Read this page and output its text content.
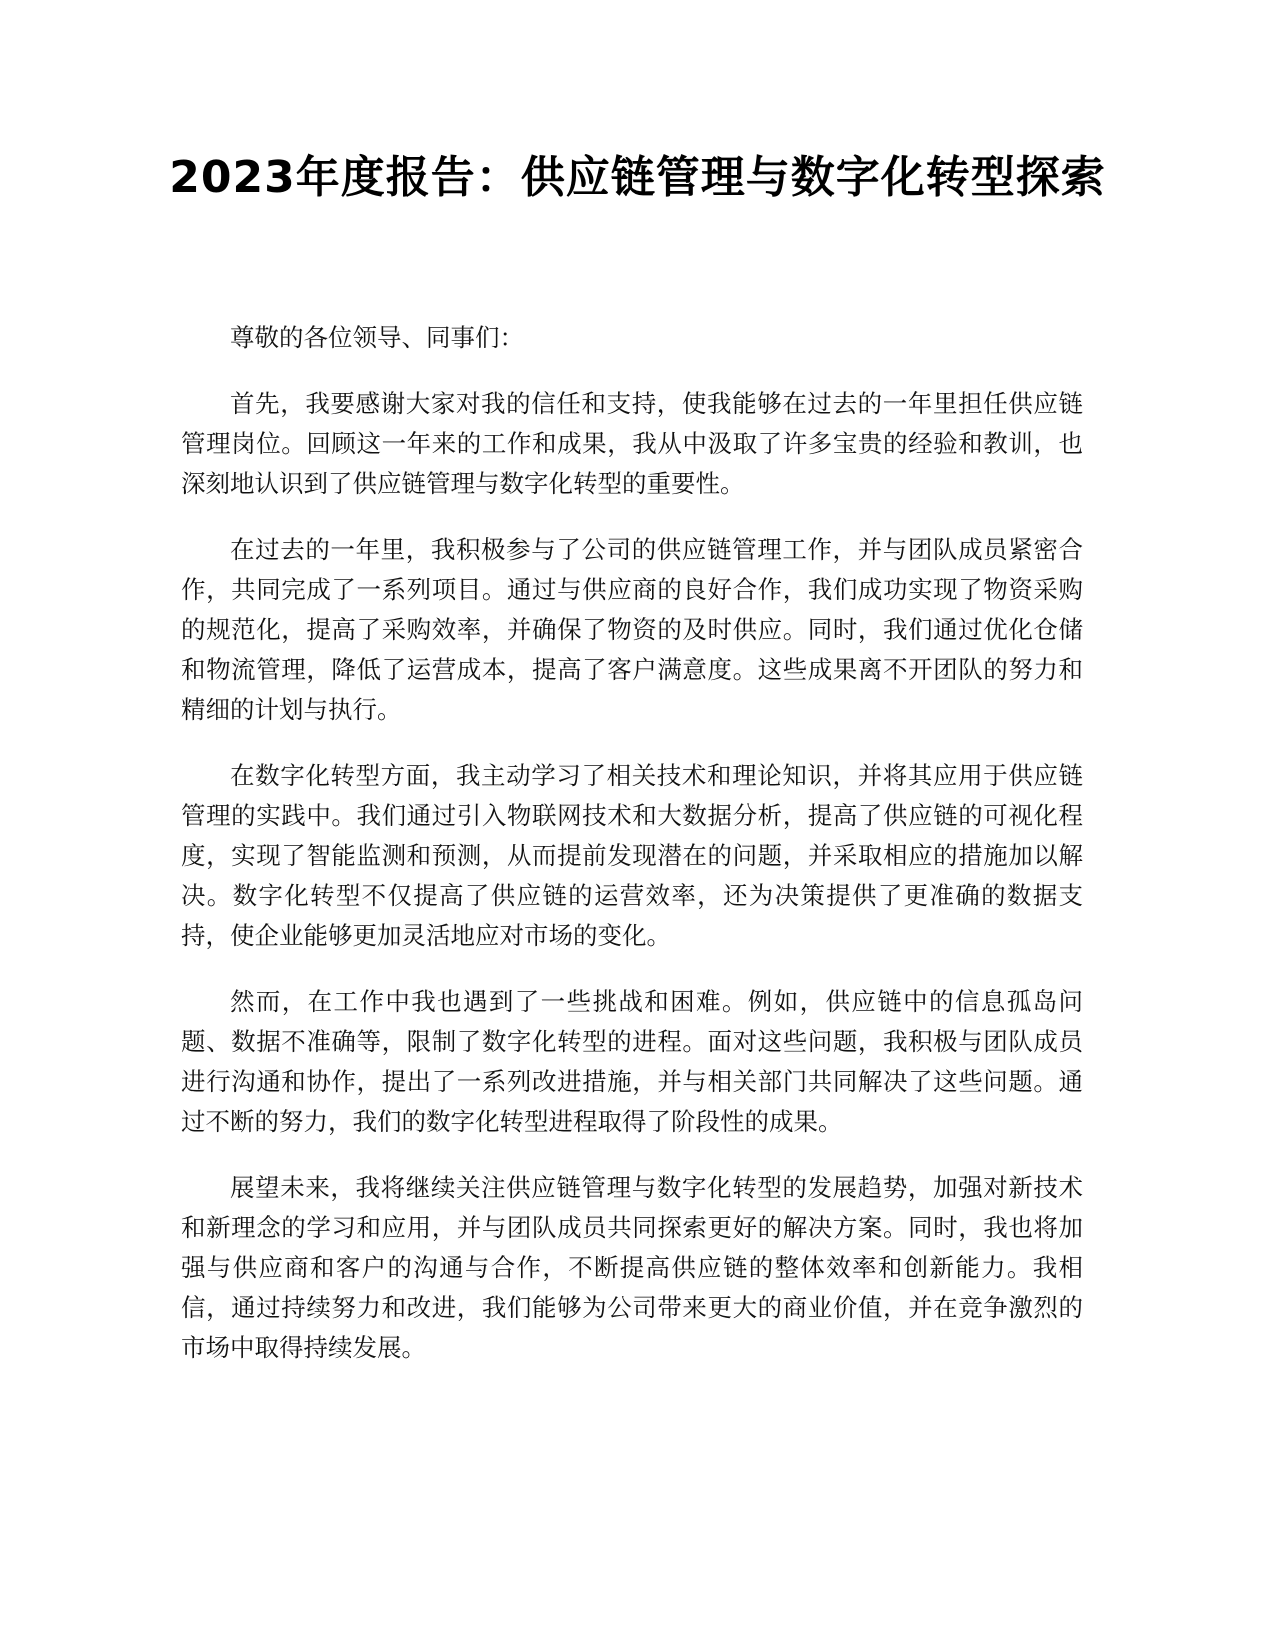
2023年度报告：供应链管理与数字化转型探索

尊敬的各位领导、同事们：

首先，我要感谢大家对我的信任和支持，使我能够在过去的一年里担任供应链管理岗位。回顾这一年来的工作和成果，我从中汲取了许多宝贵的经验和教训，也深刻地认识到了供应链管理与数字化转型的重要性。

在过去的一年里，我积极参与了公司的供应链管理工作，并与团队成员紧密合作，共同完成了一系列项目。通过与供应商的良好合作，我们成功实现了物资采购的规范化，提高了采购效率，并确保了物资的及时供应。同时，我们通过优化仓储和物流管理，降低了运营成本，提高了客户满意度。这些成果离不开团队的努力和精细的计划与执行。

在数字化转型方面，我主动学习了相关技术和理论知识，并将其应用于供应链管理的实践中。我们通过引入物联网技术和大数据分析，提高了供应链的可视化程度，实现了智能监测和预测，从而提前发现潜在的问题，并采取相应的措施加以解决。数字化转型不仅提高了供应链的运营效率，还为决策提供了更准确的数据支持，使企业能够更加灵活地应对市场的变化。

然而，在工作中我也遇到了一些挑战和困难。例如，供应链中的信息孤岛问题、数据不准确等，限制了数字化转型的进程。面对这些问题，我积极与团队成员进行沟通和协作，提出了一系列改进措施，并与相关部门共同解决了这些问题。通过不断的努力，我们的数字化转型进程取得了阶段性的成果。

展望未来，我将继续关注供应链管理与数字化转型的发展趋势，加强对新技术和新理念的学习和应用，并与团队成员共同探索更好的解决方案。同时，我也将加强与供应商和客户的沟通与合作，不断提高供应链的整体效率和创新能力。我相信，通过持续努力和改进，我们能够为公司带来更大的商业价值，并在竞争激烈的市场中取得持续发展。
